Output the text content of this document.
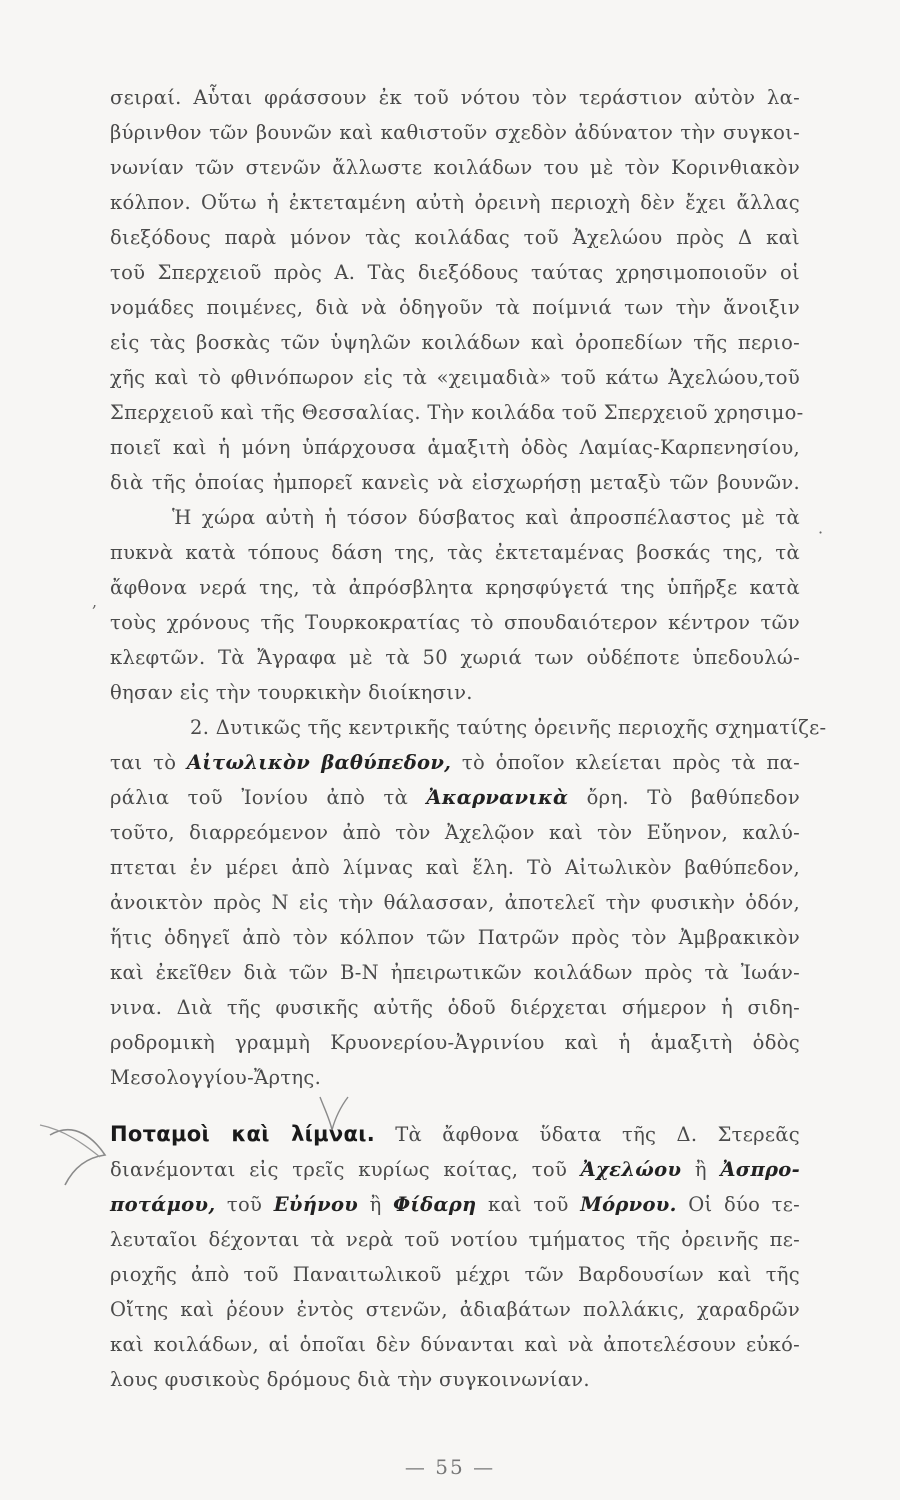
σειραί. Αὗται φράσσουν ἐκ τοῦ νότου τὸν τεράστιον αὐτὸν λα-
βύρινθον τῶν βουνῶν καὶ καθιστοῦν σχεδὸν ἀδύνατον τὴν συγκοι-
νωνίαν τῶν στενῶν ἄλλωστε κοιλάδων του μὲ τὸν Κορινθιακὸν
κόλπον. Οὕτω ἡ ἐκτεταμένη αὐτὴ ὀρεινὴ περιοχὴ δὲν ἔχει ἄλλας
διεξόδους παρὰ μόνον τὰς κοιλάδας τοῦ Ἀχελώου πρὸς Δ καὶ
τοῦ Σπερχειοῦ πρὸς Α. Τὰς διεξόδους ταύτας χρησιμοποιοῦν οἱ
νομάδες ποιμένες, διὰ νὰ ὁδηγοῦν τὰ ποίμνιά των τὴν ἄνοιξιν
εἰς τὰς βοσκὰς τῶν ὑψηλῶν κοιλάδων καὶ ὀροπεδίων τῆς περιο-
χῆς καὶ τὸ φθινόπωρον εἰς τὰ «χειμαδιὰ» τοῦ κάτω Ἀχελώου,τοῦ
Σπερχειοῦ καὶ τῆς Θεσσαλίας. Τὴν κοιλάδα τοῦ Σπερχειοῦ χρησιμο-
ποιεῖ καὶ ἡ μόνη ὑπάρχουσα ἁμαξιτὴ ὁδὸς Λαμίας-Καρπενησίου,
διὰ τῆς ὁποίας ἠμπορεῖ κανεὶς νὰ εἰσχωρήσῃ μεταξὺ τῶν βουνῶν.
Ἡ χώρα αὐτὴ ἡ τόσον δύσβατος καὶ ἀπροσπέλαστος μὲ τὰ
πυκνὰ κατὰ τόπους δάση της, τὰς ἐκτεταμένας βοσκάς της, τὰ
ἄφθονα νερά της, τὰ ἀπρόσβλητα κρησφύγετά της ὑπῆρξε κατὰ
τοὺς χρόνους τῆς Τουρκοκρατίας τὸ σπουδαιότερον κέντρον τῶν
κλεφτῶν. Τὰ Ἄγραφα μὲ τὰ 50 χωριά των οὐδέποτε ὑπεδουλώ-
θησαν εἰς τὴν τουρκικὴν διοίκησιν.
2. Δυτικῶς τῆς κεντρικῆς ταύτης ὀρεινῆς περιοχῆς σχηματίζε-
ται τὸ Αἰτωλικὸν βαθύπεδον, τὸ ὁποῖον κλείεται πρὸς τὰ πα-
ράλια τοῦ Ἰονίου ἀπὸ τὰ Ἀκαρνανικὰ ὄρη. Τὸ βαθύπεδον
τοῦτο, διαρρεόμενον ἀπὸ τὸν Ἀχελῷον καὶ τὸν Εὔηνον, καλύ-
πτεται ἐν μέρει ἀπὸ λίμνας καὶ ἕλη. Τὸ Αἰτωλικὸν βαθύπεδον,
ἀνοικτὸν πρὸς Ν εἰς τὴν θάλασσαν, ἀποτελεῖ τὴν φυσικὴν ὁδόν,
ἥτις ὁδηγεῖ ἀπὸ τὸν κόλπον τῶν Πατρῶν πρὸς τὸν Ἀμβρακικὸν
καὶ ἐκεῖθεν διὰ τῶν Β-Ν ἠπειρωτικῶν κοιλάδων πρὸς τὰ Ἰωάν-
νινα. Διὰ τῆς φυσικῆς αὐτῆς ὁδοῦ διέρχεται σήμερον ἡ σιδη-
ροδρομικὴ γραμμὴ Κρυονερίου-Ἀγρινίου καὶ ἡ ἁμαξιτὴ ὁδὸς
Μεσολογγίου-Ἄρτης.
Ποταμοὶ καὶ λίμναι. Τὰ ἄφθονα ὕδατα τῆς Δ. Στερεᾶς
διανέμονται εἰς τρεῖς κυρίως κοίτας, τοῦ Ἀχελώου ἢ Ἀσπρο-
ποτάμου, τοῦ Εὐήνου ἢ Φίδαρη καὶ τοῦ Μόρνου. Οἱ δύο τε-
λευταῖοι δέχονται τὰ νερὰ τοῦ νοτίου τμήματος τῆς ὀρεινῆς πε-
ριοχῆς ἀπὸ τοῦ Παναιτωλικοῦ μέχρι τῶν Βαρδουσίων καὶ τῆς
Οἴτης καὶ ῥέουν ἐντὸς στενῶν, ἀδιαβάτων πολλάκις, χαραδρῶν
καὶ κοιλάδων, αἱ ὁποῖαι δὲν δύνανται καὶ νὰ ἀποτελέσουν εὐκό-
λους φυσικοὺς δρόμους διὰ τὴν συγκοινωνίαν.
·
,
— 55 —
